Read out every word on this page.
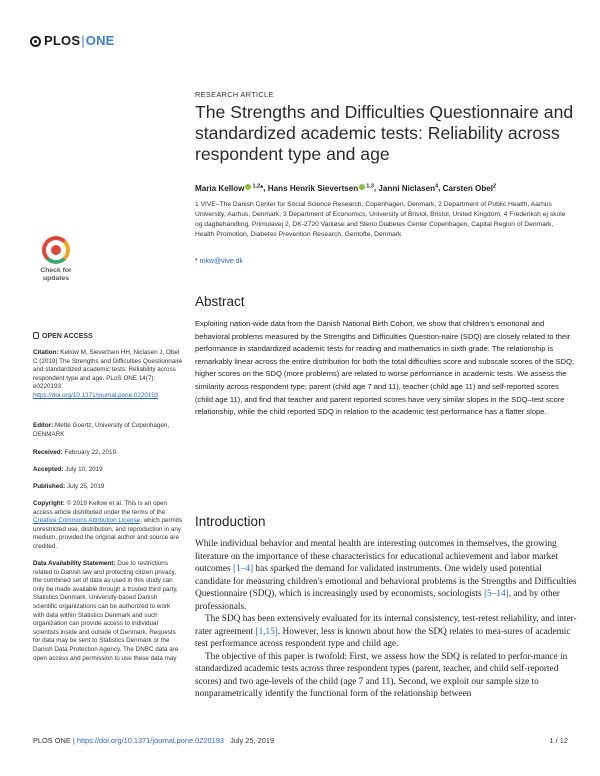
PLOS|ONE
RESEARCH ARTICLE
The Strengths and Difficulties Questionnaire and standardized academic tests: Reliability across respondent type and age
Maria Kellow $^{1,2}$*, Hans Henrik Sievertsen $^{1,3}$, Janni Niclasen$^4$, Carsten Obel$^2$
1 VIVE–The Danish Center for Social Science Research, Copenhagen, Denmark, 2 Department of Public Health, Aarhus University, Aarhus, Denmark, 3 Department of Economics, University of Bristol, Bristol, United Kingdom, 4 Frederiksh ej skole og dagbehandling, Primulavej 2, DK-2720 Vanløse and Steno Diabetes Center Copenhagen, Capital Region of Denmark, Health Promotion, Diabetes Prevention Research, Gentofte, Denmark
* mkw@vive.dk
Check for
updates
Abstract
Exploiting nation-wide data from the Danish National Birth Cohort, we show that children's emotional and behavioral problems measured by the Strengths and Difficulties Question-naire (SDQ) are closely related to their performance in standardized academic tests for reading and mathematics in sixth grade. The relationship is remarkably linear across the entire distribution for both the total difficulties score and subscale scores of the SDQ; higher scores on the SDQ (more problems) are related to worse performance in academic tests. We assess the similarity across respondent type; parent (child age 7 and 11), teacher (child age 11) and self-reported scores (child age 11), and find that teacher and parent reported scores have very similar slopes in the SDQ–test score relationship, while the child reported SDQ in relation to the academic test performance has a flatter slope.
OPEN ACCESS
Citation: Kellow M, Sievertsen HH, Niclasen J, Obel C (2019) The Strengths and Difficulties Questionnaire and standardized academic tests: Reliability across respondent type and age. PLoS ONE 14(7): e0220193. https://doi.org/10.1371/journal.pone.0220193
Editor: Mette Goertz, University of Copenhagen, DENMARK
Received: February 22, 2019
Accepted: July 10, 2019
Published: July 25, 2019
Copyright: © 2019 Kellow et al. This is an open access article distributed under the terms of the Creative Commons Attribution License, which permits unrestricted use, distribution, and reproduction in any medium, provided the original author and source are credited.
Data Availability Statement: Due to restrictions related to Danish law and protecting citizen privacy, the combined set of data as used in this study can only be made available through a trusted third party, Statistics Denmark. University-based Danish scientific organizations can be authorized to work with data within Statistics Denmark and such organization can provide access to individual scientists inside and outside of Denmark. Requests for data may be sent to Statistics Denmark or the Danish Data Protection Agency. The DNBC data are open access and permission to use these data may
Introduction

While individual behavior and mental health are interesting outcomes in themselves, the growing literature on the importance of these characteristics for educational achievement and labor market outcomes [1–4] has sparked the demand for validated instruments. One widely used potential candidate for measuring children's emotional and behavioral problems is the Strengths and Difficulties Questionnaire (SDQ), which is increasingly used by economists, sociologists [5–14], and by other professionals.

The SDQ has been extensively evaluated for its internal consistency, test-retest reliability, and inter-rater agreement [1,15]. However, less is known about how the SDQ relates to mea-sures of academic test performance across respondent type and child age.

The objective of this paper is twofold: First, we assess how the SDQ is related to perfor-mance in standardized academic tests across three respondent types (parent, teacher, and child self-reported scores) and two age-levels of the child (age 7 and 11). Second, we exploit our sample size to nonparametrically identify the functional form of the relationship between

PLOS ONE | https://doi.org/10.1371/journal.pone.0220193 July 25, 2019	1 / 12
